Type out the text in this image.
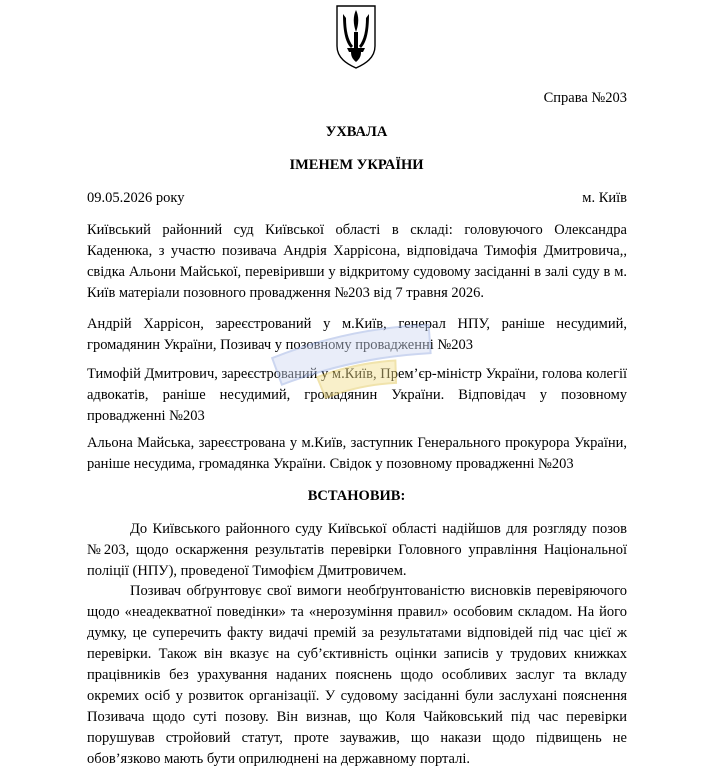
Справа №203
УХВАЛА
ІМЕНЕМ УКРАЇНИ
09.05.2026 року	м. Київ
Київський районний суд Київської області в складі: головуючого Олександра Каденюка, з участю позивача Андрія Харрісона, відповідача Тимофія Дмитровича,, свідка Альони Майської, перевіривши у відкритому судовому засіданні в залі суду в м. Київ матеріали позовного провадження №203 від 7 травня 2026.
Андрій Харрісон, зареєстрований у м.Київ, генерал НПУ, раніше несудимий, громадянин України, Позивач у позовному провадженні №203
Тимофій Дмитрович, зареєстрований у м.Київ, Прем’єр-міністр України, голова колегії адвокатів, раніше несудимий, громадянин України. Відповідач у позовному провадженні №203
Альона Майська, зареєстрована у м.Київ, заступник Генерального прокурора України, раніше несудима, громадянка України. Свідок у позовному провадженні №203
ВСТАНОВИВ:
До Київського районного суду Київської області надійшов для розгляду позов №203, щодо оскарження результатів перевірки Головного управління Національної поліції (НПУ), проведеної Тимофієм Дмитровичем.
Позивач обґрунтовує свої вимоги необґрунтованістю висновків перевіряючого щодо «неадекватної поведінки» та «нерозуміння правил» особовим складом. На його думку, це суперечить факту видачі премій за результатами відповідей під час цієї ж перевірки. Також він вказує на суб’єктивність оцінки записів у трудових книжках працівників без урахування наданих пояснень щодо особливих заслуг та вкладу окремих осіб у розвиток організації. У судовому засіданні були заслухані пояснення Позивача щодо суті позову. Він визнав, що Коля Чайковський під час перевірки порушував стройовий статут, проте зауважив, що накази щодо підвищень не обов’язково мають бути оприлюднені на державному порталі.
